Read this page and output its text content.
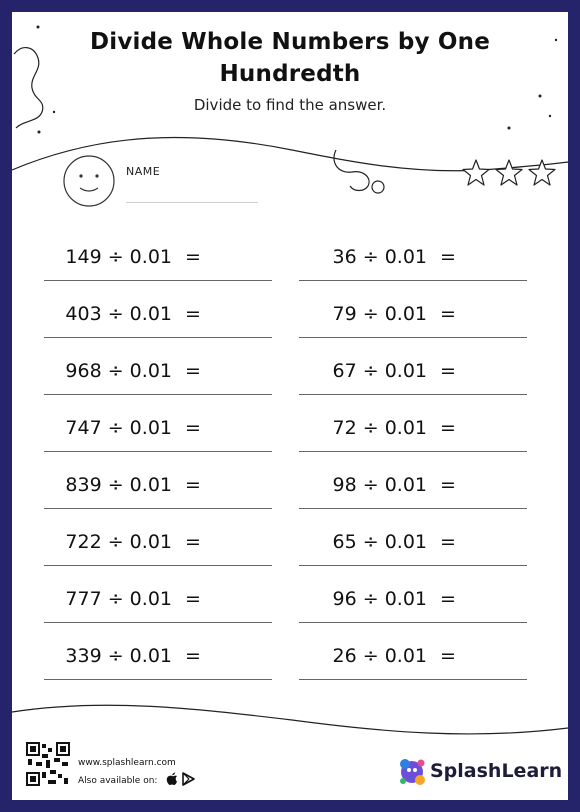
Divide Whole Numbers by One
Hundredth
Divide to find the answer.
NAME
149 ÷ 0.01 =
403 ÷ 0.01 =
968 ÷ 0.01 =
747 ÷ 0.01 =
839 ÷ 0.01 =
722 ÷ 0.01 =
777 ÷ 0.01 =
339 ÷ 0.01 =
36 ÷ 0.01 =
79 ÷ 0.01 =
67 ÷ 0.01 =
72 ÷ 0.01 =
98 ÷ 0.01 =
65 ÷ 0.01 =
96 ÷ 0.01 =
26 ÷ 0.01 =
www.splashlearn.com
Also available on:	SplashLearn
